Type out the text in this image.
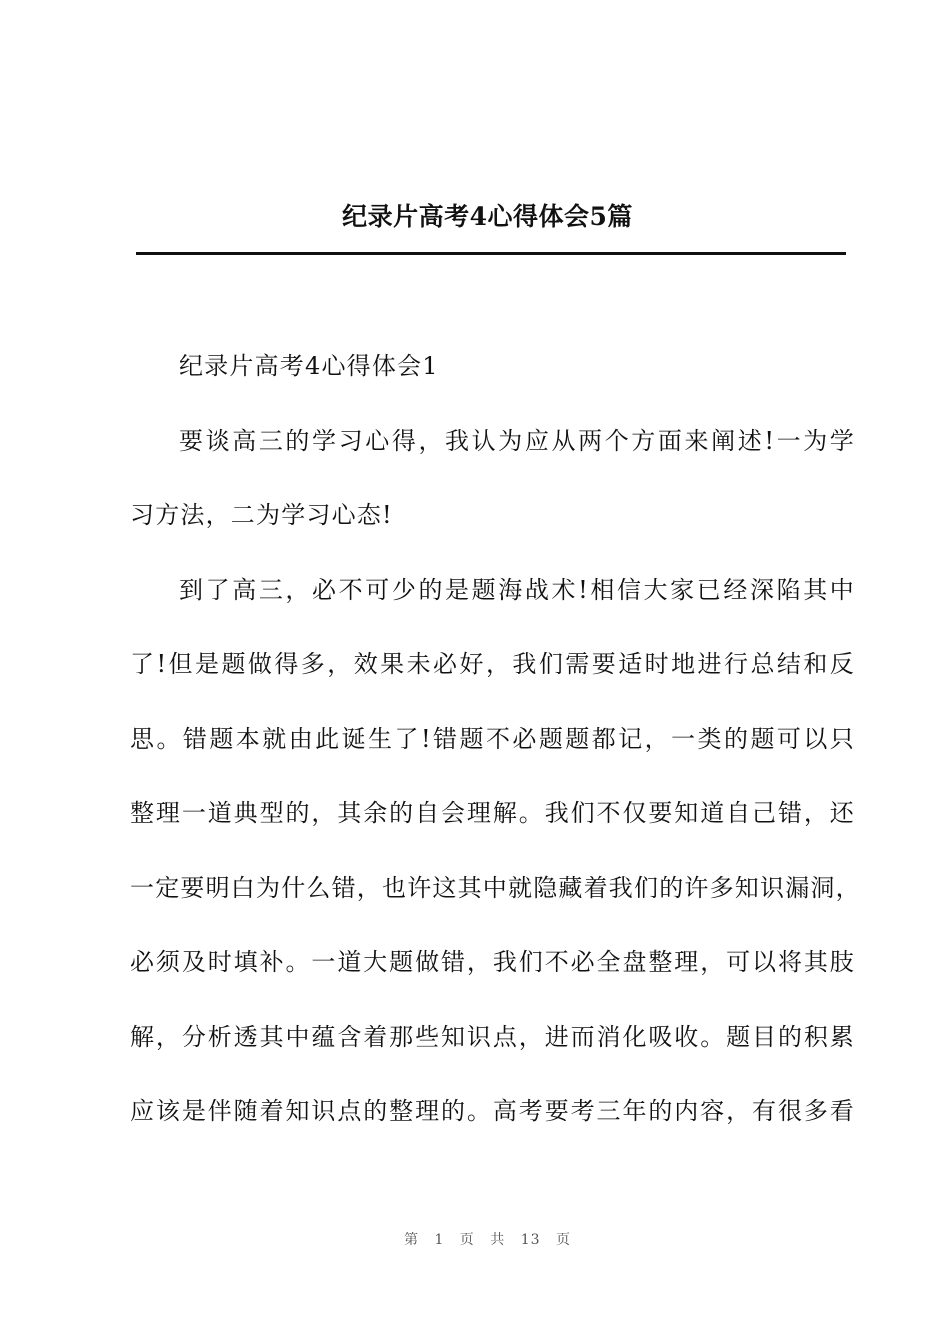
纪录片高考4心得体会5篇
纪录片高考4心得体会1
要谈高三的学习心得，我认为应从两个方面来阐述!一为学
习方法，二为学习心态!
到了高三，必不可少的是题海战术!相信大家已经深陷其中
了!但是题做得多，效果未必好，我们需要适时地进行总结和反
思。错题本就由此诞生了!错题不必题题都记，一类的题可以只
整理一道典型的，其余的自会理解。我们不仅要知道自己错，还
一定要明白为什么错，也许这其中就隐藏着我们的许多知识漏洞，
必须及时填补。一道大题做错，我们不必全盘整理，可以将其肢
解，分析透其中蕴含着那些知识点，进而消化吸收。题目的积累
应该是伴随着知识点的整理的。高考要考三年的内容，有很多看
第 1 页 共 13 页
